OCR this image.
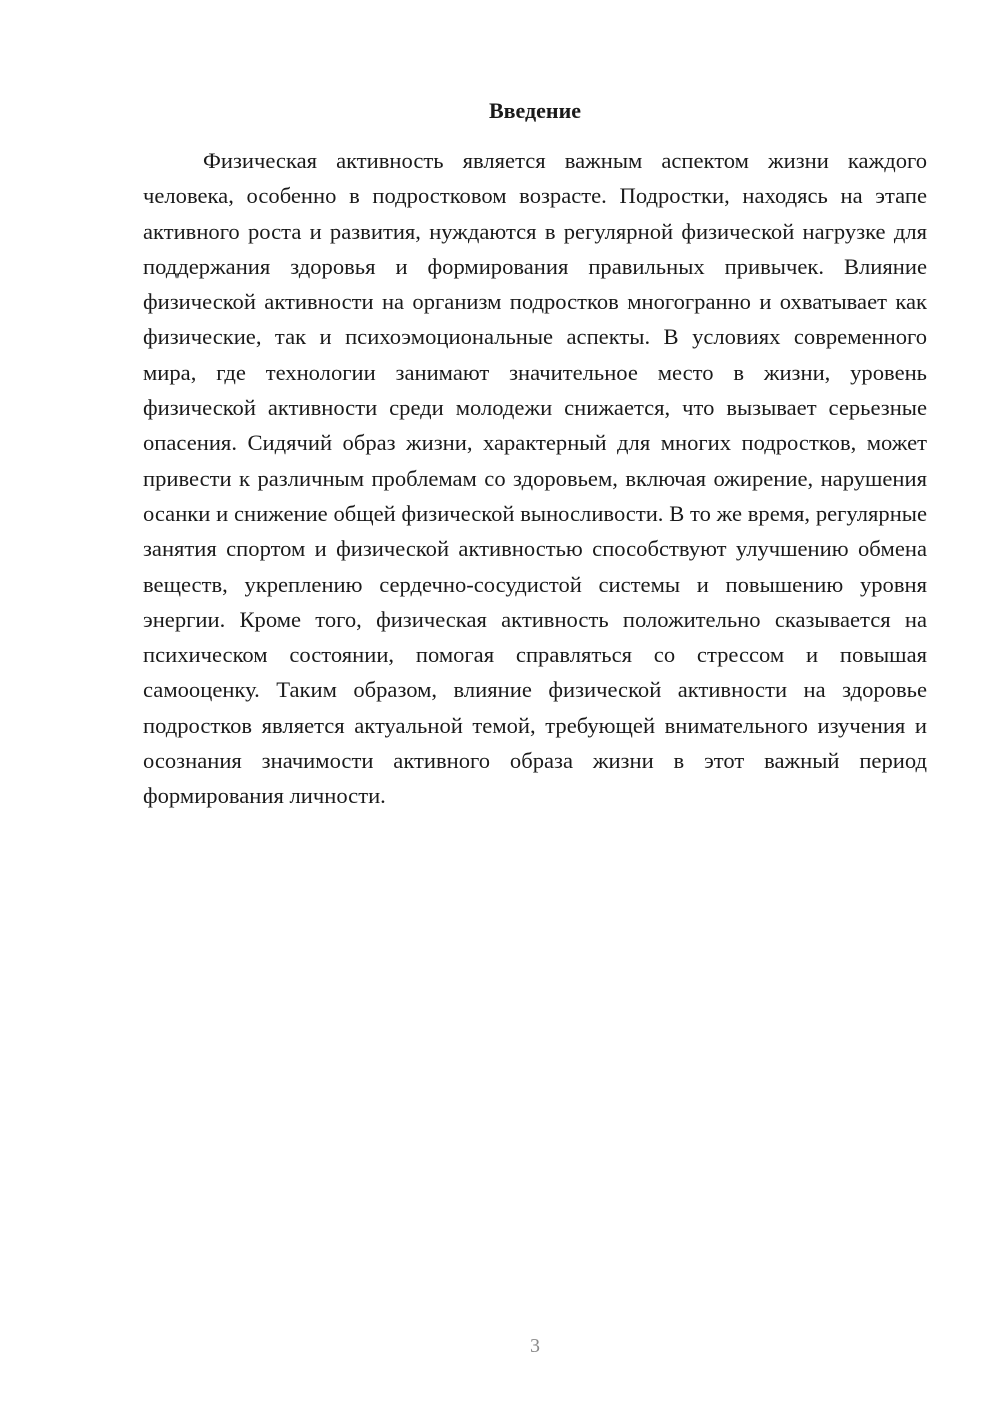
Введение

Физическая активность является важным аспектом жизни каждого человека, особенно в подростковом возрасте. Подростки, находясь на этапе активного роста и развития, нуждаются в регулярной физической нагрузке для поддержания здоровья и формирования правильных привычек. Влияние физической активности на организм подростков многогранно и охватывает как физические, так и психоэмоциональные аспекты. В условиях современного мира, где технологии занимают значительное место в жизни, уровень физической активности среди молодежи снижается, что вызывает серьезные опасения. Сидячий образ жизни, характерный для многих подростков, может привести к различным проблемам со здоровьем, включая ожирение, нарушения осанки и снижение общей физической выносливости. В то же время, регулярные занятия спортом и физической активностью способствуют улучшению обмена веществ, укреплению сердечно-сосудистой системы и повышению уровня энергии. Кроме того, физическая активность положительно сказывается на психическом состоянии, помогая справляться со стрессом и повышая самооценку. Таким образом, влияние физической активности на здоровье подростков является актуальной темой, требующей внимательного изучения и осознания значимости активного образа жизни в этот важный период формирования личности.

3
